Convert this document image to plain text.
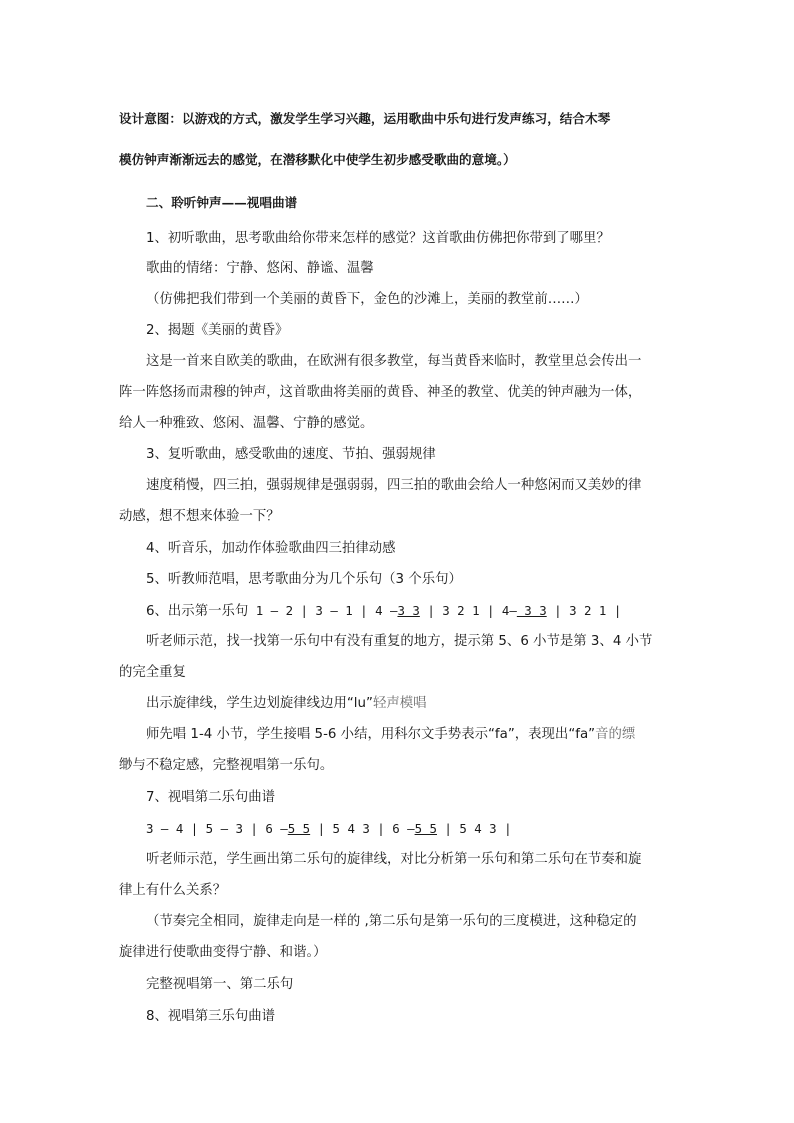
设计意图：以游戏的方式，激发学生学习兴趣，运用歌曲中乐句进行发声练习，结合木琴
模仿钟声渐渐远去的感觉，在潜移默化中使学生初步感受歌曲的意境。）
二、聆听钟声——视唱曲谱
1、初听歌曲，思考歌曲给你带来怎样的感觉？这首歌曲仿佛把你带到了哪里？
歌曲的情绪：宁静、悠闲、静谧、温馨
（仿佛把我们带到一个美丽的黄昏下，金色的沙滩上，美丽的教堂前……）
2、揭题《美丽的黄昏》
这是一首来自欧美的歌曲，在欧洲有很多教堂，每当黄昏来临时，教堂里总会传出一
阵一阵悠扬而肃穆的钟声，这首歌曲将美丽的黄昏、神圣的教堂、优美的钟声融为一体，
给人一种雅致、悠闲、温馨、宁静的感觉。
3、复听歌曲，感受歌曲的速度、节拍、强弱规律
速度稍慢，四三拍，强弱规律是强弱弱，四三拍的歌曲会给人一种悠闲而又美妙的律
动感，想不想来体验一下？
4、听音乐，加动作体验歌曲四三拍律动感
5、听教师范唱，思考歌曲分为几个乐句（3 个乐句）
6、出示第一乐句 1 – 2 | 3 – 1 | 4 –3 3 | 3 2 1 | 4– 3 3 | 3 2 1 |
听老师示范，找一找第一乐句中有没有重复的地方，提示第 5、6 小节是第 3、4 小节
的完全重复
出示旋律线，学生边划旋律线边用“lu”轻声模唱
师先唱 1-4 小节，学生接唱 5-6 小结，用科尔文手势表示“fa”，表现出“fa”音的缥
缈与不稳定感，完整视唱第一乐句。
7、视唱第二乐句曲谱
3 – 4 | 5 – 3 | 6 –5 5 | 5 4 3 | 6 –5 5 | 5 4 3 |
听老师示范，学生画出第二乐句的旋律线，对比分析第一乐句和第二乐句在节奏和旋
律上有什么关系？
（节奏完全相同，旋律走向是一样的 ,第二乐句是第一乐句的三度模进，这种稳定的
旋律进行使歌曲变得宁静、和谐。）
完整视唱第一、第二乐句
8、视唱第三乐句曲谱
